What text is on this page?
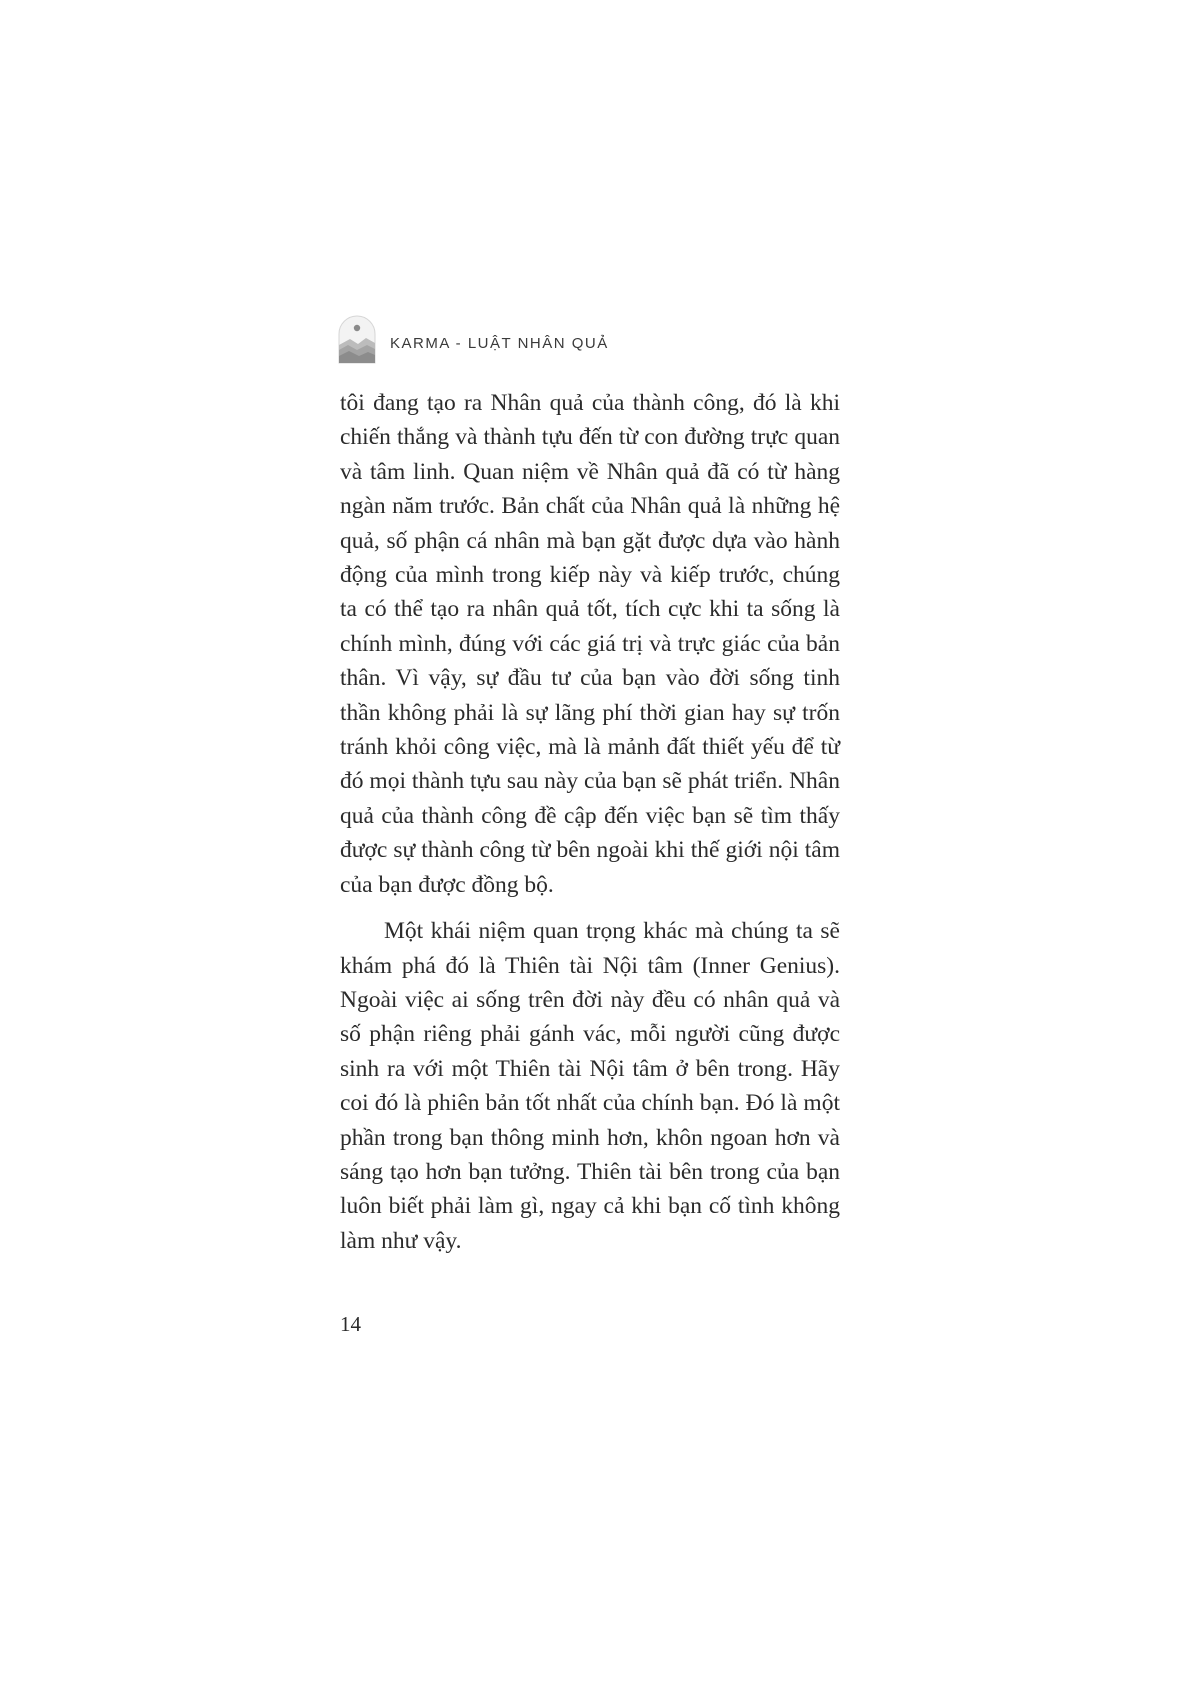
KARMA - LUẬT NHÂN QUẢ

tôi đang tạo ra Nhân quả của thành công, đó là khi chiến thắng và thành tựu đến từ con đường trực quan và tâm linh. Quan niệm về Nhân quả đã có từ hàng ngàn năm trước. Bản chất của Nhân quả là những hệ quả, số phận cá nhân mà bạn gặt được dựa vào hành động của mình trong kiếp này và kiếp trước, chúng ta có thể tạo ra nhân quả tốt, tích cực khi ta sống là chính mình, đúng với các giá trị và trực giác của bản thân. Vì vậy, sự đầu tư của bạn vào đời sống tinh thần không phải là sự lãng phí thời gian hay sự trốn tránh khỏi công việc, mà là mảnh đất thiết yếu để từ đó mọi thành tựu sau này của bạn sẽ phát triển. Nhân quả của thành công đề cập đến việc bạn sẽ tìm thấy được sự thành công từ bên ngoài khi thế giới nội tâm của bạn được đồng bộ.

Một khái niệm quan trọng khác mà chúng ta sẽ khám phá đó là Thiên tài Nội tâm (Inner Genius). Ngoài việc ai sống trên đời này đều có nhân quả và số phận riêng phải gánh vác, mỗi người cũng được sinh ra với một Thiên tài Nội tâm ở bên trong. Hãy coi đó là phiên bản tốt nhất của chính bạn. Đó là một phần trong bạn thông minh hơn, khôn ngoan hơn và sáng tạo hơn bạn tưởng. Thiên tài bên trong của bạn luôn biết phải làm gì, ngay cả khi bạn cố tình không làm như vậy.

14
